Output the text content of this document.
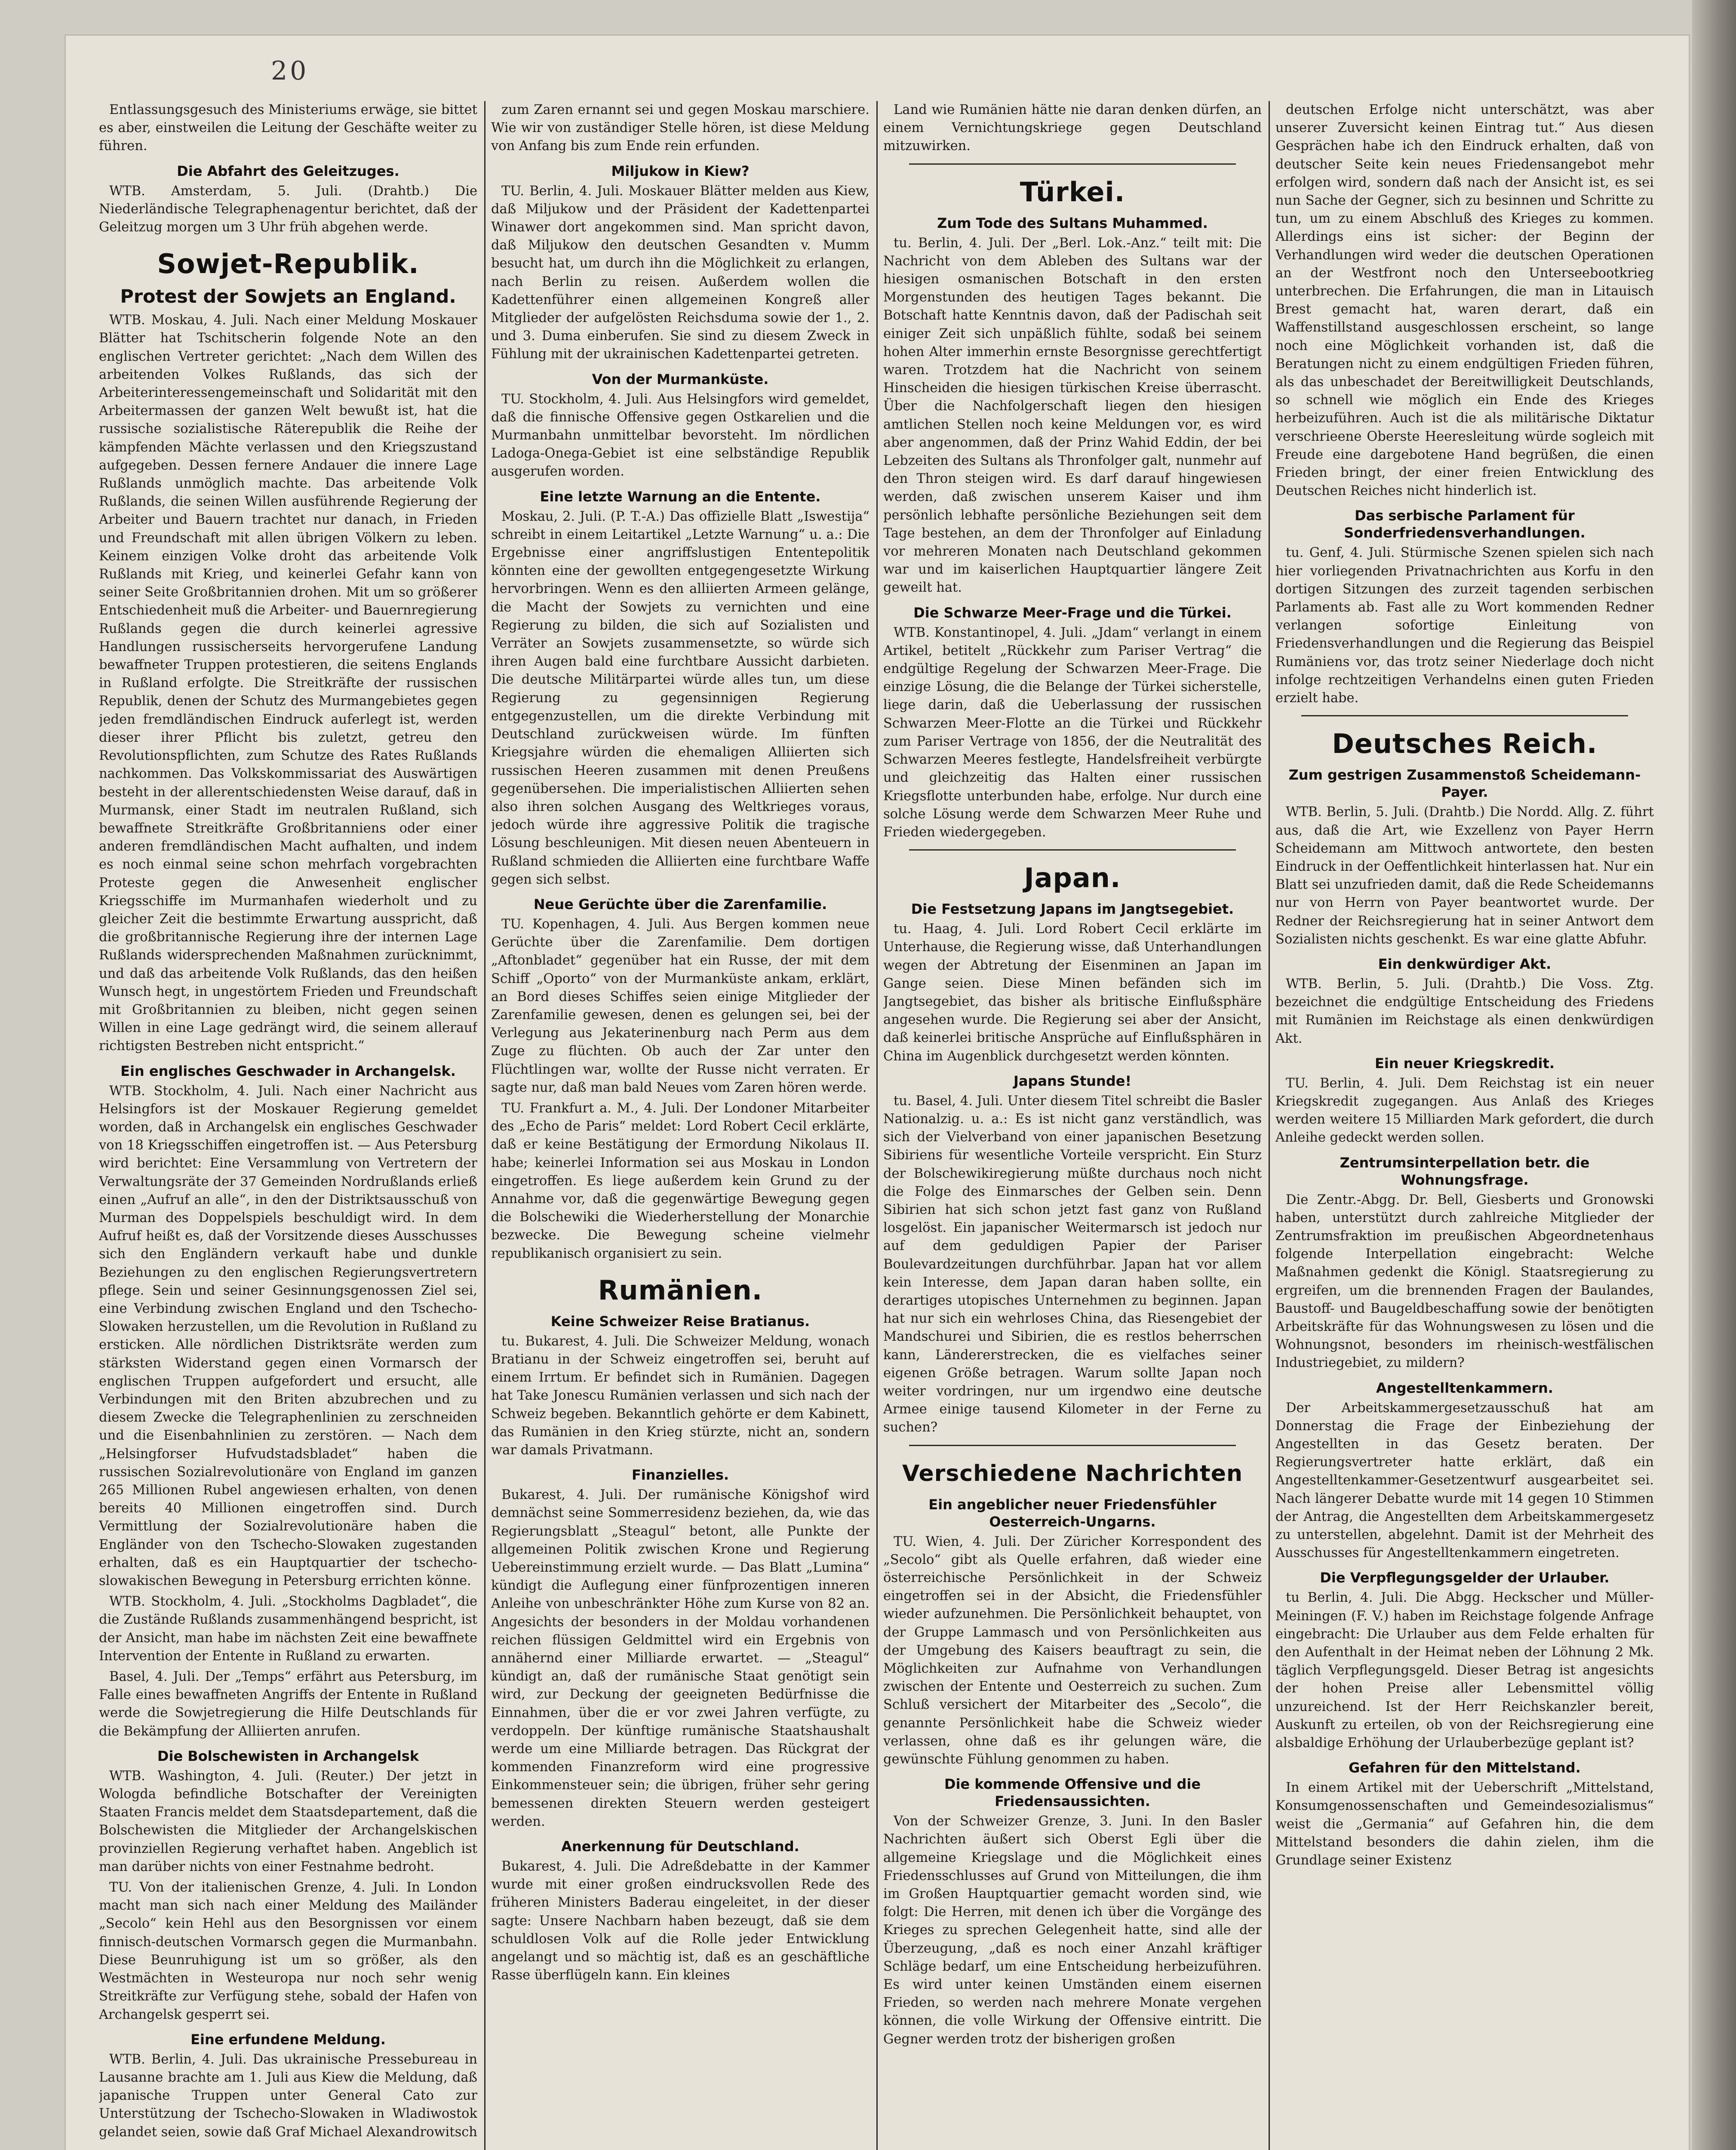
20

Entlassungsgesuch des Ministeriums erwäge, sie bittet es aber, einstweilen die Leitung der Geschäfte weiter zu führen.

Die Abfahrt des Geleitzuges.

WTB. Amsterdam, 5. Juli. (Drahtb.) Die Niederländische Telegraphenagentur berichtet, daß der Geleitzug morgen um 3 Uhr früh abgehen werde.

Sowjet-Republik.
Protest der Sowjets an England.

WTB. Moskau, 4. Juli. Nach einer Meldung Moskauer Blätter hat Tschitscherin folgende Note an den englischen Vertreter gerichtet: „Nach dem Willen des arbeitenden Volkes Rußlands, das sich der Arbeiterinteressengemeinschaft und Solidarität mit den Arbeitermassen der ganzen Welt bewußt ist, hat die russische sozialistische Räterepublik die Reihe der kämpfenden Mächte verlassen und den Kriegszustand aufgegeben. Dessen fernere Andauer die innere Lage Rußlands unmöglich machte. Das arbeitende Volk Rußlands, die seinen Willen ausführende Regierung der Arbeiter und Bauern trachtet nur danach, in Frieden und Freundschaft mit allen übrigen Völkern zu leben. Keinem einzigen Volke droht das arbeitende Volk Rußlands mit Krieg, und keinerlei Gefahr kann von seiner Seite Großbritannien drohen. Mit um so größerer Entschiedenheit muß die Arbeiter- und Bauernregierung Rußlands gegen die durch keinerlei agressive Handlungen russischerseits hervorgerufene Landung bewaffneter Truppen protestieren, die seitens Englands in Rußland erfolgte. Die Streitkräfte der russischen Republik, denen der Schutz des Murmangebietes gegen jeden fremdländischen Eindruck auferlegt ist, werden dieser ihrer Pflicht bis zuletzt, getreu den Revolutionspflichten, zum Schutze des Rates Rußlands nachkommen. Das Volkskommissariat des Auswärtigen besteht in der allerentschiedensten Weise darauf, daß in Murmansk, einer Stadt im neutralen Rußland, sich bewaffnete Streitkräfte Großbritanniens oder einer anderen fremdländischen Macht aufhalten, und indem es noch einmal seine schon mehrfach vorgebrachten Proteste gegen die Anwesenheit englischer Kriegsschiffe im Murmanhafen wiederholt und zu gleicher Zeit die bestimmte Erwartung ausspricht, daß die großbritannische Regierung ihre der internen Lage Rußlands widersprechenden Maßnahmen zurücknimmt, und daß das arbeitende Volk Rußlands, das den heißen Wunsch hegt, in ungestörtem Frieden und Freundschaft mit Großbritannien zu bleiben, nicht gegen seinen Willen in eine Lage gedrängt wird, die seinem allerauf richtigsten Bestreben nicht entspricht.“

Ein englisches Geschwader in Archangelsk.

WTB. Stockholm, 4. Juli. Nach einer Nachricht aus Helsingfors ist der Moskauer Regierung gemeldet worden, daß in Archangelsk ein englisches Geschwader von 18 Kriegsschiffen eingetroffen ist. — Aus Petersburg wird berichtet: Eine Versammlung von Vertretern der Verwaltungsräte der 37 Gemeinden Nordrußlands erließ einen „Aufruf an alle“, in den der Distriktsausschuß von Murman des Doppelspiels beschuldigt wird. In dem Aufruf heißt es, daß der Vorsitzende dieses Ausschusses sich den Engländern verkauft habe und dunkle Beziehungen zu den englischen Regierungsvertretern pflege. Sein und seiner Gesinnungsgenossen Ziel sei, eine Verbindung zwischen England und den Tschecho-Slowaken herzustellen, um die Revolution in Rußland zu ersticken. Alle nördlichen Distriktsräte werden zum stärksten Widerstand gegen einen Vormarsch der englischen Truppen aufgefordert und ersucht, alle Verbindungen mit den Briten abzubrechen und zu diesem Zwecke die Telegraphenlinien zu zerschneiden und die Eisenbahnlinien zu zerstören. — Nach dem „Helsingforser Hufvudstadsbladet“ haben die russischen Sozialrevolutionäre von England im ganzen 265 Millionen Rubel angewiesen erhalten, von denen bereits 40 Millionen eingetroffen sind. Durch Vermittlung der Sozialrevolutionäre haben die Engländer von den Tschecho-Slowaken zugestanden erhalten, daß es ein Hauptquartier der tschecho-slowakischen Bewegung in Petersburg errichten könne.

WTB. Stockholm, 4. Juli. „Stockholms Dagbladet“, die die Zustände Rußlands zusammenhängend bespricht, ist der Ansicht, man habe im nächsten Zeit eine bewaffnete Intervention der Entente in Rußland zu erwarten.

Basel, 4. Juli. Der „Temps“ erfährt aus Petersburg, im Falle eines bewaffneten Angriffs der Entente in Rußland werde die Sowjetregierung die Hilfe Deutschlands für die Bekämpfung der Alliierten anrufen.

Die Bolschewisten in Archangelsk

WTB. Washington, 4. Juli. (Reuter.) Der jetzt in Wologda befindliche Botschafter der Vereinigten Staaten Francis meldet dem Staatsdepartement, daß die Bolschewisten die Mitglieder der Archangelskischen provinziellen Regierung verhaftet haben. Angeblich ist man darüber nichts von einer Festnahme bedroht.

TU. Von der italienischen Grenze, 4. Juli. In London macht man sich nach einer Meldung des Mailänder „Secolo“ kein Hehl aus den Besorgnissen vor einem finnisch-deutschen Vormarsch gegen die Murmanbahn. Diese Beunruhigung ist um so größer, als den Westmächten in Westeuropa nur noch sehr wenig Streitkräfte zur Verfügung stehe, sobald der Hafen von Archangelsk gesperrt sei.

Eine erfundene Meldung.

WTB. Berlin, 4. Juli. Das ukrainische Pressebureau in Lausanne brachte am 1. Juli aus Kiew die Meldung, daß japanische Truppen unter General Cato zur Unterstützung der Tschecho-Slowaken in Wladiwostok gelandet seien, sowie daß Graf Michael Alexandrowitsch

zum Zaren ernannt sei und gegen Moskau marschiere. Wie wir von zuständiger Stelle hören, ist diese Meldung von Anfang bis zum Ende rein erfunden.

Miljukow in Kiew?

TU. Berlin, 4. Juli. Moskauer Blätter melden aus Kiew, daß Miljukow und der Präsident der Kadettenpartei Winawer dort angekommen sind. Man spricht davon, daß Miljukow den deutschen Gesandten v. Mumm besucht hat, um durch ihn die Möglichkeit zu erlangen, nach Berlin zu reisen. Außerdem wollen die Kadettenführer einen allgemeinen Kongreß aller Mitglieder der aufgelösten Reichsduma sowie der 1., 2. und 3. Duma einberufen. Sie sind zu diesem Zweck in Fühlung mit der ukrainischen Kadettenpartei getreten.

Von der Murmanküste.

TU. Stockholm, 4. Juli. Aus Helsingfors wird gemeldet, daß die finnische Offensive gegen Ostkarelien und die Murmanbahn unmittelbar bevorsteht. Im nördlichen Ladoga-Onega-Gebiet ist eine selbständige Republik ausgerufen worden.

Eine letzte Warnung an die Entente.

Moskau, 2. Juli. (P. T.-A.) Das offizielle Blatt „Iswestija“ schreibt in einem Leitartikel „Letzte Warnung“ u. a.: Die Ergebnisse einer angriffslustigen Ententepolitik könnten eine der gewollten entgegengesetzte Wirkung hervorbringen. Wenn es den alliierten Armeen gelänge, die Macht der Sowjets zu vernichten und eine Regierung zu bilden, die sich auf Sozialisten und Verräter an Sowjets zusammensetzte, so würde sich ihren Augen bald eine furchtbare Aussicht darbieten. Die deutsche Militärpartei würde alles tun, um diese Regierung zu gegensinnigen Regierung entgegenzustellen, um die direkte Verbindung mit Deutschland zurückweisen würde. Im fünften Kriegsjahre würden die ehemaligen Alliierten sich russischen Heeren zusammen mit denen Preußens gegenübersehen. Die imperialistischen Alliierten sehen also ihren solchen Ausgang des Weltkrieges voraus, jedoch würde ihre aggressive Politik die tragische Lösung beschleunigen. Mit diesen neuen Abenteuern in Rußland schmieden die Alliierten eine furchtbare Waffe gegen sich selbst.

Neue Gerüchte über die Zarenfamilie.

TU. Kopenhagen, 4. Juli. Aus Bergen kommen neue Gerüchte über die Zarenfamilie. Dem dortigen „Aftonbladet“ gegenüber hat ein Russe, der mit dem Schiff „Oporto“ von der Murmanküste ankam, erklärt, an Bord dieses Schiffes seien einige Mitglieder der Zarenfamilie gewesen, denen es gelungen sei, bei der Verlegung aus Jekaterinenburg nach Perm aus dem Zuge zu flüchten. Ob auch der Zar unter den Flüchtlingen war, wollte der Russe nicht verraten. Er sagte nur, daß man bald Neues vom Zaren hören werde.

TU. Frankfurt a. M., 4. Juli. Der Londoner Mitarbeiter des „Echo de Paris“ meldet: Lord Robert Cecil erklärte, daß er keine Bestätigung der Ermordung Nikolaus II. habe; keinerlei Information sei aus Moskau in London eingetroffen. Es liege außerdem kein Grund zu der Annahme vor, daß die gegenwärtige Bewegung gegen die Bolschewiki die Wiederherstellung der Monarchie bezwecke. Die Bewegung scheine vielmehr republikanisch organisiert zu sein.

Rumänien.
Keine Schweizer Reise Bratianus.

tu. Bukarest, 4. Juli. Die Schweizer Meldung, wonach Bratianu in der Schweiz eingetroffen sei, beruht auf einem Irrtum. Er befindet sich in Rumänien. Dagegen hat Take Jonescu Rumänien verlassen und sich nach der Schweiz begeben. Bekanntlich gehörte er dem Kabinett, das Rumänien in den Krieg stürzte, nicht an, sondern war damals Privatmann.

Finanzielles.

Bukarest, 4. Juli. Der rumänische Königshof wird demnächst seine Sommerresidenz beziehen, da, wie das Regierungsblatt „Steagul“ betont, alle Punkte der allgemeinen Politik zwischen Krone und Regierung Uebereinstimmung erzielt wurde. — Das Blatt „Lumina“ kündigt die Auflegung einer fünfprozentigen inneren Anleihe von unbeschränkter Höhe zum Kurse von 82 an. Angesichts der besonders in der Moldau vorhandenen reichen flüssigen Geldmittel wird ein Ergebnis von annähernd einer Milliarde erwartet. — „Steagul“ kündigt an, daß der rumänische Staat genötigt sein wird, zur Deckung der geeigneten Bedürfnisse die Einnahmen, über die er vor zwei Jahren verfügte, zu verdoppeln. Der künftige rumänische Staatshaushalt werde um eine Milliarde betragen. Das Rückgrat der kommenden Finanzreform wird eine progressive Einkommensteuer sein; die übrigen, früher sehr gering bemessenen direkten Steuern werden gesteigert werden.

Anerkennung für Deutschland.

Bukarest, 4. Juli. Die Adreßdebatte in der Kammer wurde mit einer großen eindrucksvollen Rede des früheren Ministers Baderau eingeleitet, in der dieser sagte: Unsere Nachbarn haben bezeugt, daß sie dem schuldlosen Volk auf die Rolle jeder Entwicklung angelangt und so mächtig ist, daß es an geschäftliche Rasse überflügeln kann. Ein kleines

Land wie Rumänien hätte nie daran denken dürfen, an einem Vernichtungskriege gegen Deutschland mitzuwirken.

Türkei.
Zum Tode des Sultans Muhammed.

tu. Berlin, 4. Juli. Der „Berl. Lok.-Anz.“ teilt mit: Die Nachricht von dem Ableben des Sultans war der hiesigen osmanischen Botschaft in den ersten Morgenstunden des heutigen Tages bekannt. Die Botschaft hatte Kenntnis davon, daß der Padischah seit einiger Zeit sich unpäßlich fühlte, sodaß bei seinem hohen Alter immerhin ernste Besorgnisse gerechtfertigt waren. Trotzdem hat die Nachricht von seinem Hinscheiden die hiesigen türkischen Kreise überrascht. Über die Nachfolgerschaft liegen den hiesigen amtlichen Stellen noch keine Meldungen vor, es wird aber angenommen, daß der Prinz Wahid Eddin, der bei Lebzeiten des Sultans als Thronfolger galt, nunmehr auf den Thron steigen wird. Es darf darauf hingewiesen werden, daß zwischen unserem Kaiser und ihm persönlich lebhafte persönliche Beziehungen seit dem Tage bestehen, an dem der Thronfolger auf Einladung vor mehreren Monaten nach Deutschland gekommen war und im kaiserlichen Hauptquartier längere Zeit geweilt hat.

Die Schwarze Meer-Frage und die Türkei.

WTB. Konstantinopel, 4. Juli. „Jdam“ verlangt in einem Artikel, betitelt „Rückkehr zum Pariser Vertrag“ die endgültige Regelung der Schwarzen Meer-Frage. Die einzige Lösung, die die Belange der Türkei sicherstelle, liege darin, daß die Ueberlassung der russischen Schwarzen Meer-Flotte an die Türkei und Rückkehr zum Pariser Vertrage von 1856, der die Neutralität des Schwarzen Meeres festlegte, Handelsfreiheit verbürgte und gleichzeitig das Halten einer russischen Kriegsflotte unterbunden habe, erfolge. Nur durch eine solche Lösung werde dem Schwarzen Meer Ruhe und Frieden wiedergegeben.

Japan.
Die Festsetzung Japans im Jangtsegebiet.

tu. Haag, 4. Juli. Lord Robert Cecil erklärte im Unterhause, die Regierung wisse, daß Unterhandlungen wegen der Abtretung der Eisenminen an Japan im Gange seien. Diese Minen befänden sich im Jangtsegebiet, das bisher als britische Einflußsphäre angesehen wurde. Die Regierung sei aber der Ansicht, daß keinerlei britische Ansprüche auf Einflußsphären in China im Augenblick durchgesetzt werden könnten.

Japans Stunde!

tu. Basel, 4. Juli. Unter diesem Titel schreibt die Basler Nationalzig. u. a.: Es ist nicht ganz verständlich, was sich der Vielverband von einer japanischen Besetzung Sibiriens für wesentliche Vorteile verspricht. Ein Sturz der Bolschewikiregierung müßte durchaus noch nicht die Folge des Einmarsches der Gelben sein. Denn Sibirien hat sich schon jetzt fast ganz von Rußland losgelöst. Ein japanischer Weitermarsch ist jedoch nur auf dem geduldigen Papier der Pariser Boulevardzeitungen durchführbar. Japan hat vor allem kein Interesse, dem Japan daran haben sollte, ein derartiges utopisches Unternehmen zu beginnen. Japan hat nur sich ein wehrloses China, das Riesengebiet der Mandschurei und Sibirien, die es restlos beherrschen kann, Ländererstrecken, die es vielfaches seiner eigenen Größe betragen. Warum sollte Japan noch weiter vordringen, nur um irgendwo eine deutsche Armee einige tausend Kilometer in der Ferne zu suchen?

Verschiedene Nachrichten
Ein angeblicher neuer Friedensfühler Oesterreich-Ungarns.

TU. Wien, 4. Juli. Der Züricher Korrespondent des „Secolo“ gibt als Quelle erfahren, daß wieder eine österreichische Persönlichkeit in der Schweiz eingetroffen sei in der Absicht, die Friedensfühler wieder aufzunehmen. Die Persönlichkeit behauptet, von der Gruppe Lammasch und von Persönlichkeiten aus der Umgebung des Kaisers beauftragt zu sein, die Möglichkeiten zur Aufnahme von Verhandlungen zwischen der Entente und Oesterreich zu suchen. Zum Schluß versichert der Mitarbeiter des „Secolo“, die genannte Persönlichkeit habe die Schweiz wieder verlassen, ohne daß es ihr gelungen wäre, die gewünschte Fühlung genommen zu haben.

Die kommende Offensive und die Friedensaussichten.

Von der Schweizer Grenze, 3. Juni. In den Basler Nachrichten äußert sich Oberst Egli über die allgemeine Kriegslage und die Möglichkeit eines Friedensschlusses auf Grund von Mitteilungen, die ihm im Großen Hauptquartier gemacht worden sind, wie folgt: Die Herren, mit denen ich über die Vorgänge des Krieges zu sprechen Gelegenheit hatte, sind alle der Überzeugung, „daß es noch einer Anzahl kräftiger Schläge bedarf, um eine Entscheidung herbeizuführen. Es wird unter keinen Umständen einem eisernen Frieden, so werden nach mehrere Monate vergehen können, die volle Wirkung der Offensive eintritt. Die Gegner werden trotz der bisherigen großen

deutschen Erfolge nicht unterschätzt, was aber unserer Zuversicht keinen Eintrag tut.“ Aus diesen Gesprächen habe ich den Eindruck erhalten, daß von deutscher Seite kein neues Friedensangebot mehr erfolgen wird, sondern daß nach der Ansicht ist, es sei nun Sache der Gegner, sich zu besinnen und Schritte zu tun, um zu einem Abschluß des Krieges zu kommen. Allerdings eins ist sicher: der Beginn der Verhandlungen wird weder die deutschen Operationen an der Westfront noch den Unterseebootkrieg unterbrechen. Die Erfahrungen, die man in Litauisch Brest gemacht hat, waren derart, daß ein Waffenstillstand ausgeschlossen erscheint, so lange noch eine Möglichkeit vorhanden ist, daß die Beratungen nicht zu einem endgültigen Frieden führen, als das unbeschadet der Bereitwilligkeit Deutschlands, so schnell wie möglich ein Ende des Krieges herbeizuführen. Auch ist die als militärische Diktatur verschrieene Oberste Heeresleitung würde sogleich mit Freude eine dargebotene Hand begrüßen, die einen Frieden bringt, der einer freien Entwicklung des Deutschen Reiches nicht hinderlich ist.

Das serbische Parlament für Sonderfriedensverhandlungen.

tu. Genf, 4. Juli. Stürmische Szenen spielen sich nach hier vorliegenden Privatnachrichten aus Korfu in den dortigen Sitzungen des zurzeit tagenden serbischen Parlaments ab. Fast alle zu Wort kommenden Redner verlangen sofortige Einleitung von Friedensverhandlungen und die Regierung das Beispiel Rumäniens vor, das trotz seiner Niederlage doch nicht infolge rechtzeitigen Verhandelns einen guten Frieden erzielt habe.

Deutsches Reich.
Zum gestrigen Zusammenstoß Scheidemann-Payer.

WTB. Berlin, 5. Juli. (Drahtb.) Die Nordd. Allg. Z. führt aus, daß die Art, wie Exzellenz von Payer Herrn Scheidemann am Mittwoch antwortete, den besten Eindruck in der Oeffentlichkeit hinterlassen hat. Nur ein Blatt sei unzufrieden damit, daß die Rede Scheidemanns nur von Herrn von Payer beantwortet wurde. Der Redner der Reichsregierung hat in seiner Antwort dem Sozialisten nichts geschenkt. Es war eine glatte Abfuhr.

Ein denkwürdiger Akt.

WTB. Berlin, 5. Juli. (Drahtb.) Die Voss. Ztg. bezeichnet die endgültige Entscheidung des Friedens mit Rumänien im Reichstage als einen denkwürdigen Akt.

Ein neuer Kriegskredit.

TU. Berlin, 4. Juli. Dem Reichstag ist ein neuer Kriegskredit zugegangen. Aus Anlaß des Krieges werden weitere 15 Milliarden Mark gefordert, die durch Anleihe gedeckt werden sollen.

Zentrumsinterpellation betr. die Wohnungsfrage.

Die Zentr.-Abgg. Dr. Bell, Giesberts und Gronowski haben, unterstützt durch zahlreiche Mitglieder der Zentrumsfraktion im preußischen Abgeordnetenhaus folgende Interpellation eingebracht: Welche Maßnahmen gedenkt die Königl. Staatsregierung zu ergreifen, um die brennenden Fragen der Baulandes, Baustoff- und Baugeldbeschaffung sowie der benötigten Arbeitskräfte für das Wohnungswesen zu lösen und die Wohnungsnot, besonders im rheinisch-westfälischen Industriegebiet, zu mildern?

Angestelltenkammern.

Der Arbeitskammergesetzausschuß hat am Donnerstag die Frage der Einbeziehung der Angestellten in das Gesetz beraten. Der Regierungsvertreter hatte erklärt, daß ein Angestelltenkammer-Gesetzentwurf ausgearbeitet sei. Nach längerer Debatte wurde mit 14 gegen 10 Stimmen der Antrag, die Angestellten dem Arbeitskammergesetz zu unterstellen, abgelehnt. Damit ist der Mehrheit des Ausschusses für Angestelltenkammern eingetreten.

Die Verpflegungsgelder der Urlauber.

tu Berlin, 4. Juli. Die Abgg. Heckscher und Müller-Meiningen (F. V.) haben im Reichstage folgende Anfrage eingebracht: Die Urlauber aus dem Felde erhalten für den Aufenthalt in der Heimat neben der Löhnung 2 Mk. täglich Verpflegungsgeld. Dieser Betrag ist angesichts der hohen Preise aller Lebensmittel völlig unzureichend. Ist der Herr Reichskanzler bereit, Auskunft zu erteilen, ob von der Reichsregierung eine alsbaldige Erhöhung der Urlauberbezüge geplant ist?

Gefahren für den Mittelstand.

In einem Artikel mit der Ueberschrift „Mittelstand, Konsumgenossenschaften und Gemeindesozialismus“ weist die „Germania“ auf Gefahren hin, die dem Mittelstand besonders die dahin zielen, ihm die Grundlage seiner Existenz
